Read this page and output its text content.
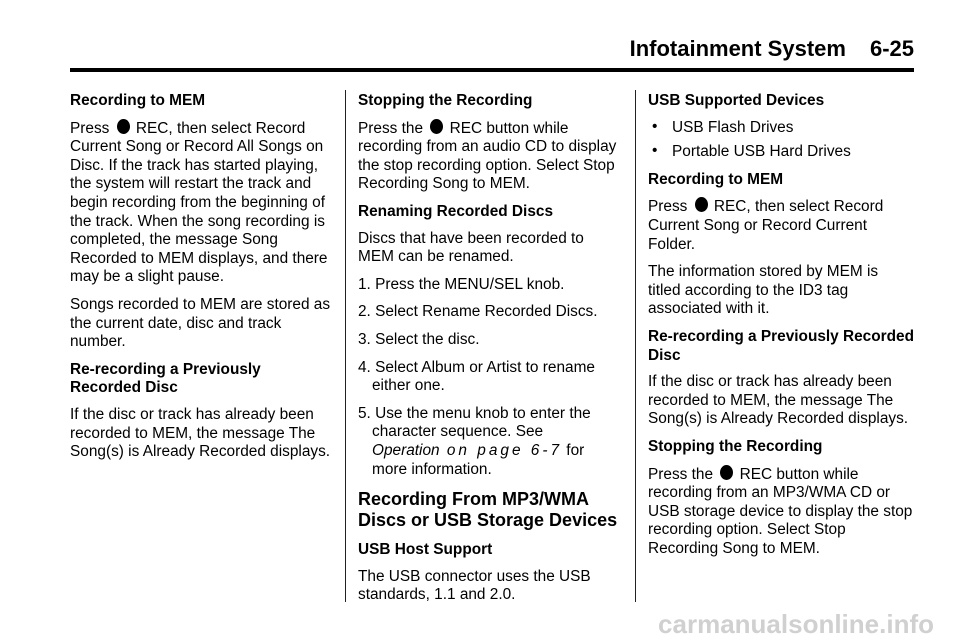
Infotainment System 6-25

Recording to MEM

Press  REC, then select Record Current Song or Record All Songs on Disc. If the track has started playing, the system will restart the track and begin recording from the beginning of the track. When the song recording is completed, the message Song Recorded to MEM displays, and there may be a slight pause.

Songs recorded to MEM are stored as the current date, disc and track number.

Re-recording a Previously Recorded Disc

If the disc or track has already been recorded to MEM, the message The Song(s) is Already Recorded displays.

Stopping the Recording

Press the  REC button while recording from an audio CD to display the stop recording option. Select Stop Recording Song to MEM.

Renaming Recorded Discs

Discs that have been recorded to MEM can be renamed.

1. Press the MENU/SEL knob.
2. Select Rename Recorded Discs.
3. Select the disc.
4. Select Album or Artist to rename either one.
5. Use the menu knob to enter the character sequence. See
Operation on page 6-7 for more information.

Recording From MP3/WMA Discs or USB Storage Devices

USB Host Support

The USB connector uses the USB standards, 1.1 and 2.0.

USB Supported Devices

• USB Flash Drives
• Portable USB Hard Drives

Recording to MEM

Press  REC, then select Record Current Song or Record Current Folder.

The information stored by MEM is titled according to the ID3 tag associated with it.

Re-recording a Previously Recorded Disc

If the disc or track has already been recorded to MEM, the message The Song(s) is Already Recorded displays.

Stopping the Recording

Press the  REC button while recording from an MP3/WMA CD or USB storage device to display the stop recording option. Select Stop Recording Song to MEM.

carmanualsonline.info
